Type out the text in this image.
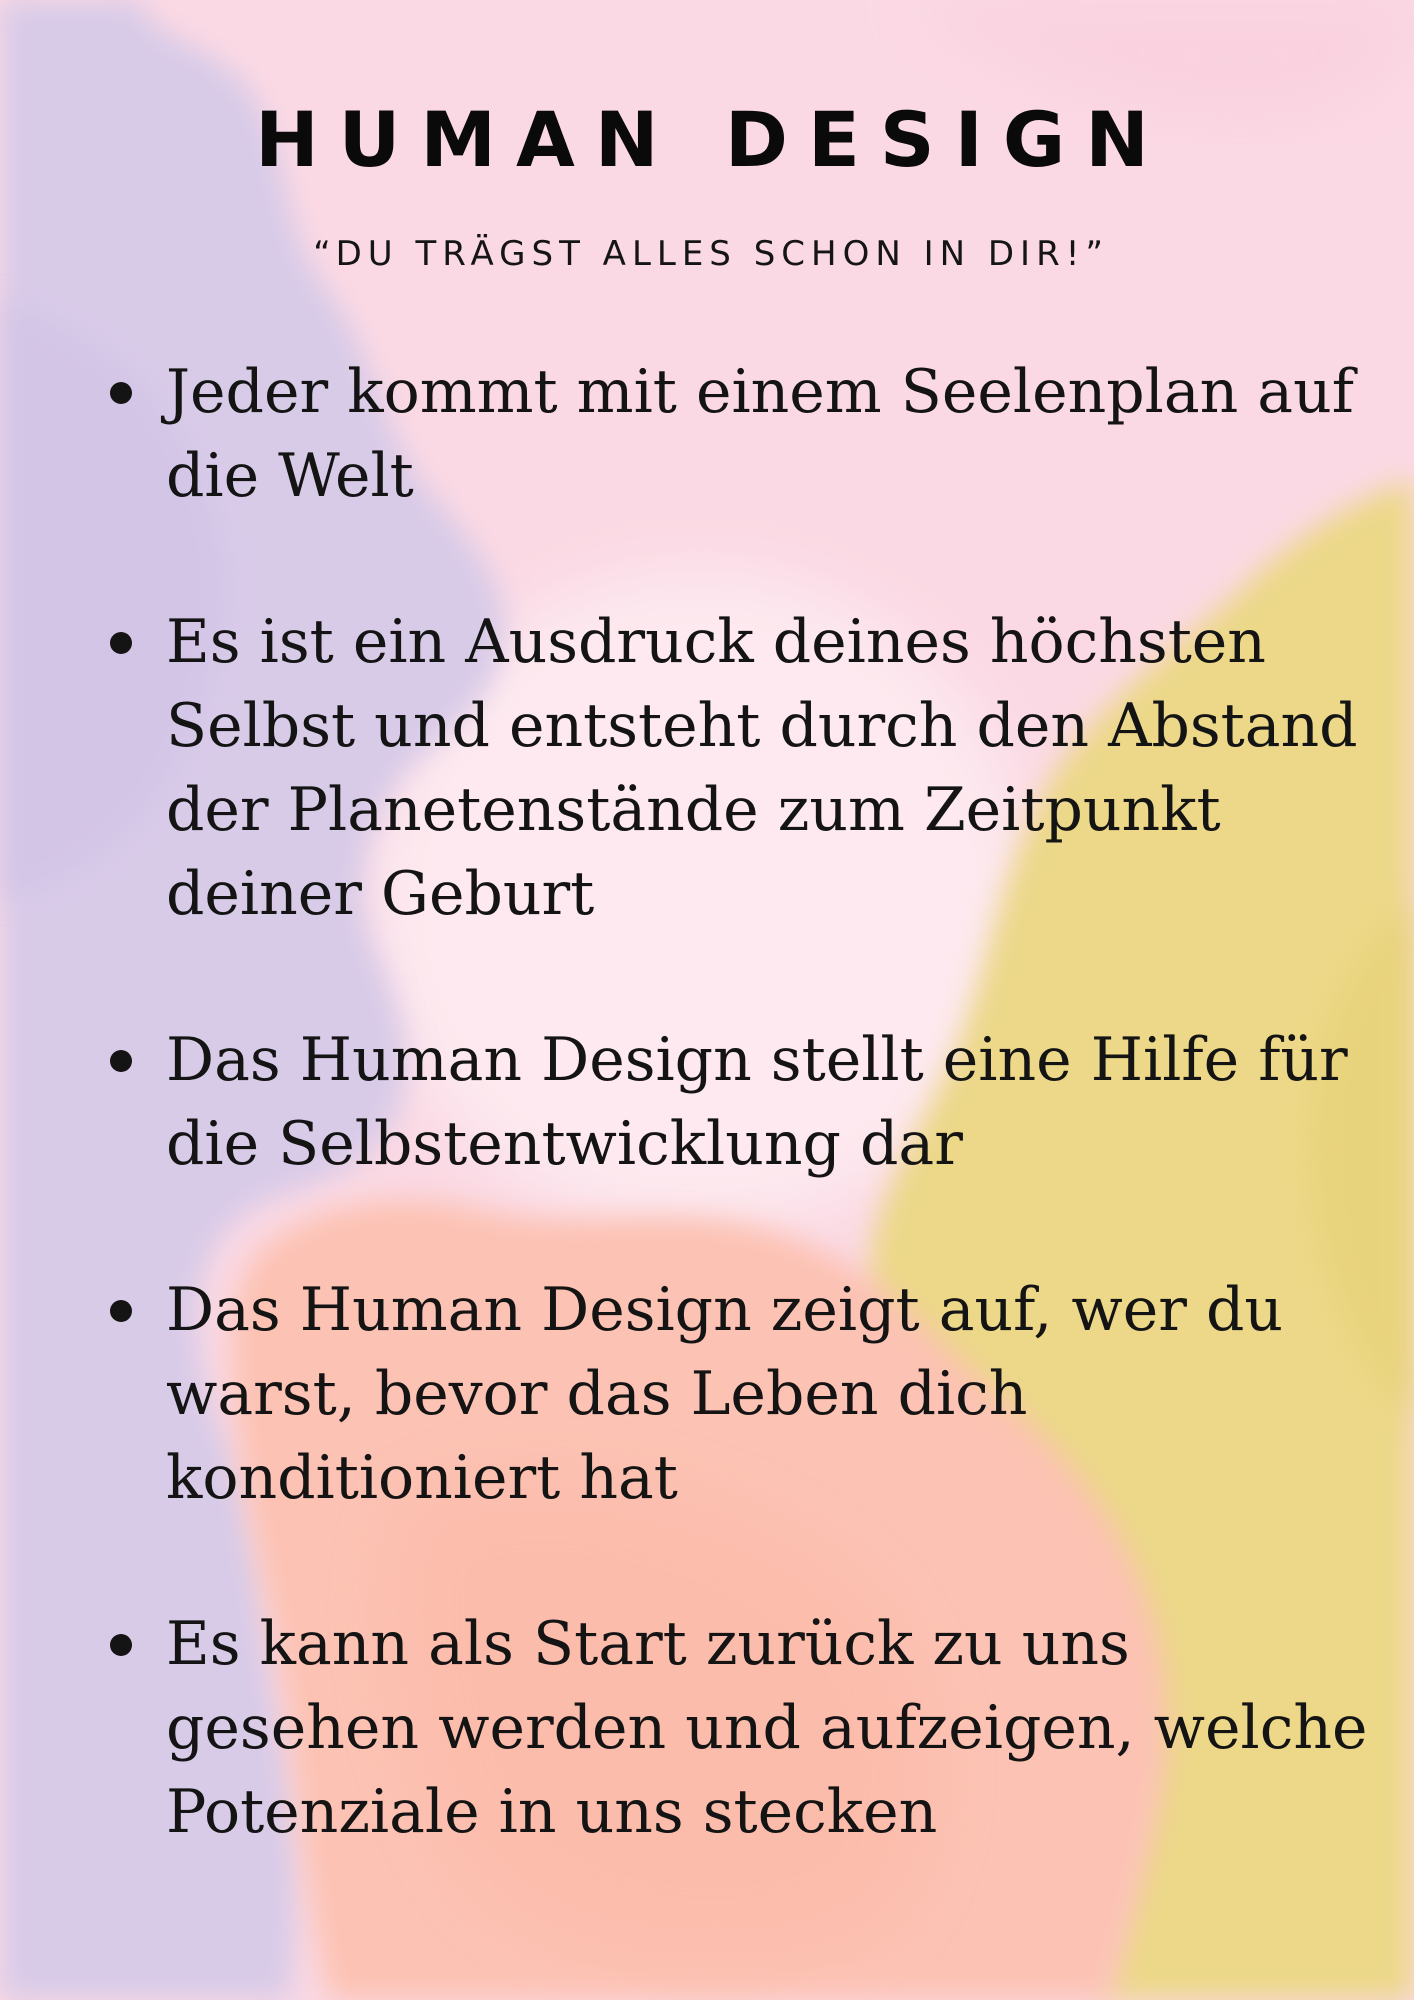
HUMAN DESIGN
“DU TRÄGST ALLES SCHON IN DIR!”
Jeder kommt mit einem Seelenplan auf die Welt
Es ist ein Ausdruck deines höchsten Selbst und entsteht durch den Abstand der Planetenstände zum Zeitpunkt deiner Geburt
Das Human Design stellt eine Hilfe für die Selbstentwicklung dar
Das Human Design zeigt auf, wer du warst, bevor das Leben dich konditioniert hat
Es kann als Start zurück zu uns gesehen werden und aufzeigen, welche Potenziale in uns stecken
